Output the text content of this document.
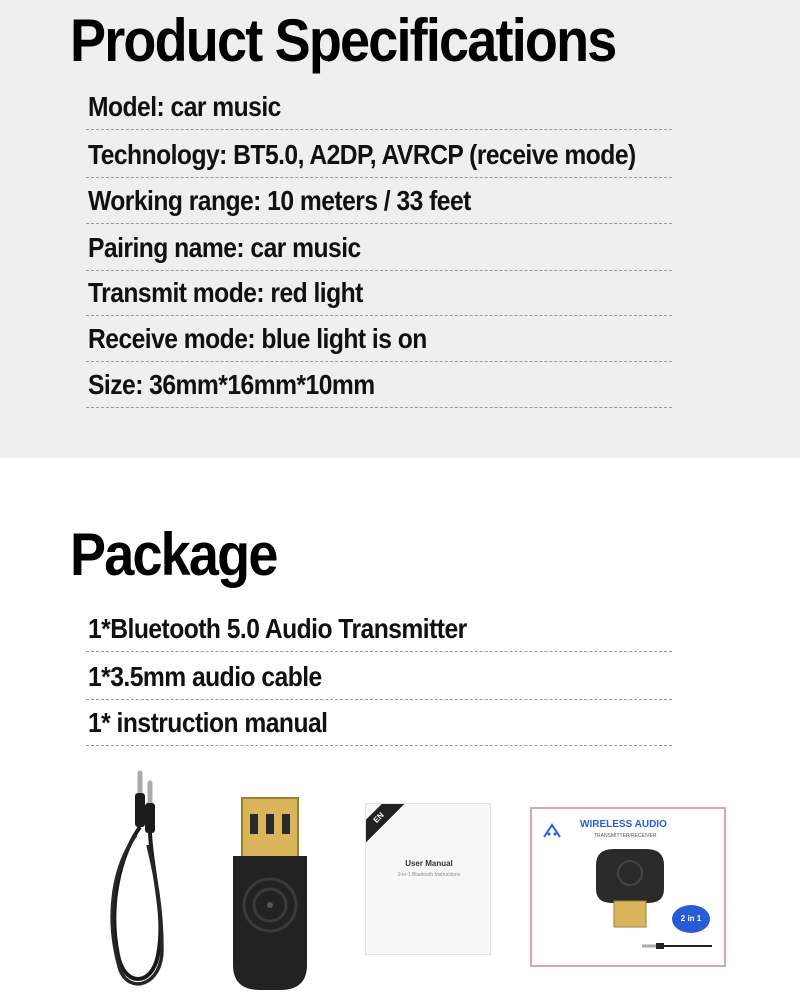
Product Specifications
Model: car music
Technology: BT5.0, A2DP, AVRCP (receive mode)
Working range: 10 meters / 33 feet
Pairing name: car music
Transmit mode: red light
Receive mode: blue light is on
Size: 36mm*16mm*10mm
Package
1*Bluetooth 5.0 Audio Transmitter
1*3.5mm audio cable
1* instruction manual
EN
User Manual
2-in-1 Bluetooth Instructions
WIRELESS AUDIO
TRANSMITTER/RECEIVER
2 in 1
